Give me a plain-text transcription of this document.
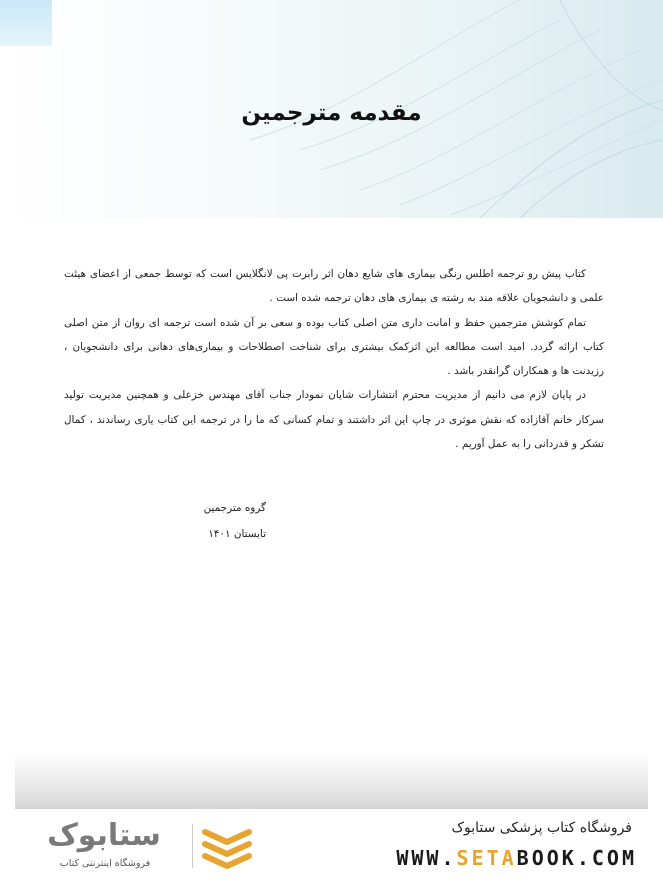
مقدمه مترجمین

کتاب پیش رو ترجمه اطلس رنگی بیماری های شایع دهان اثر رابرت پی لانگلایس است که توسط جمعی از اعضای هیئت علمی و دانشجویان علاقه مند به رشته ی بیماری های دهان ترجمه شده است .

تمام کوشش مترجمین حفظ و امانت داری متن اصلی کتاب بوده و سعی بر آن شده است ترجمه ای روان از متن اصلی کتاب ارائه گردد. امید است مطالعه این اثرکمک بیشتری برای شناخت اصطلاحات و بیماری‌های دهانی برای دانشجویان ، رزیدنت ها و همکاران گرانقدر باشد .

در پایان لازم می دانیم از مدیریت محترم انتشارات شایان نمودار جناب آقای مهندس خزعلی و همچنین مدیریت تولید سرکار خانم آقازاده که نقش موثری در چاپ این اثر داشتند و تمام کسانی که ما را در ترجمه این کتاب یاری رساندند ، کمال تشکر و قدردانی را به عمل آوریم .

گروه مترجمین
تابستان ۱۴۰۱
فروشگاه کتاب پزشکی ستابوک
WWW.SETABOOK.COM
ستابوک
فروشگاه اینترنتی کتاب
